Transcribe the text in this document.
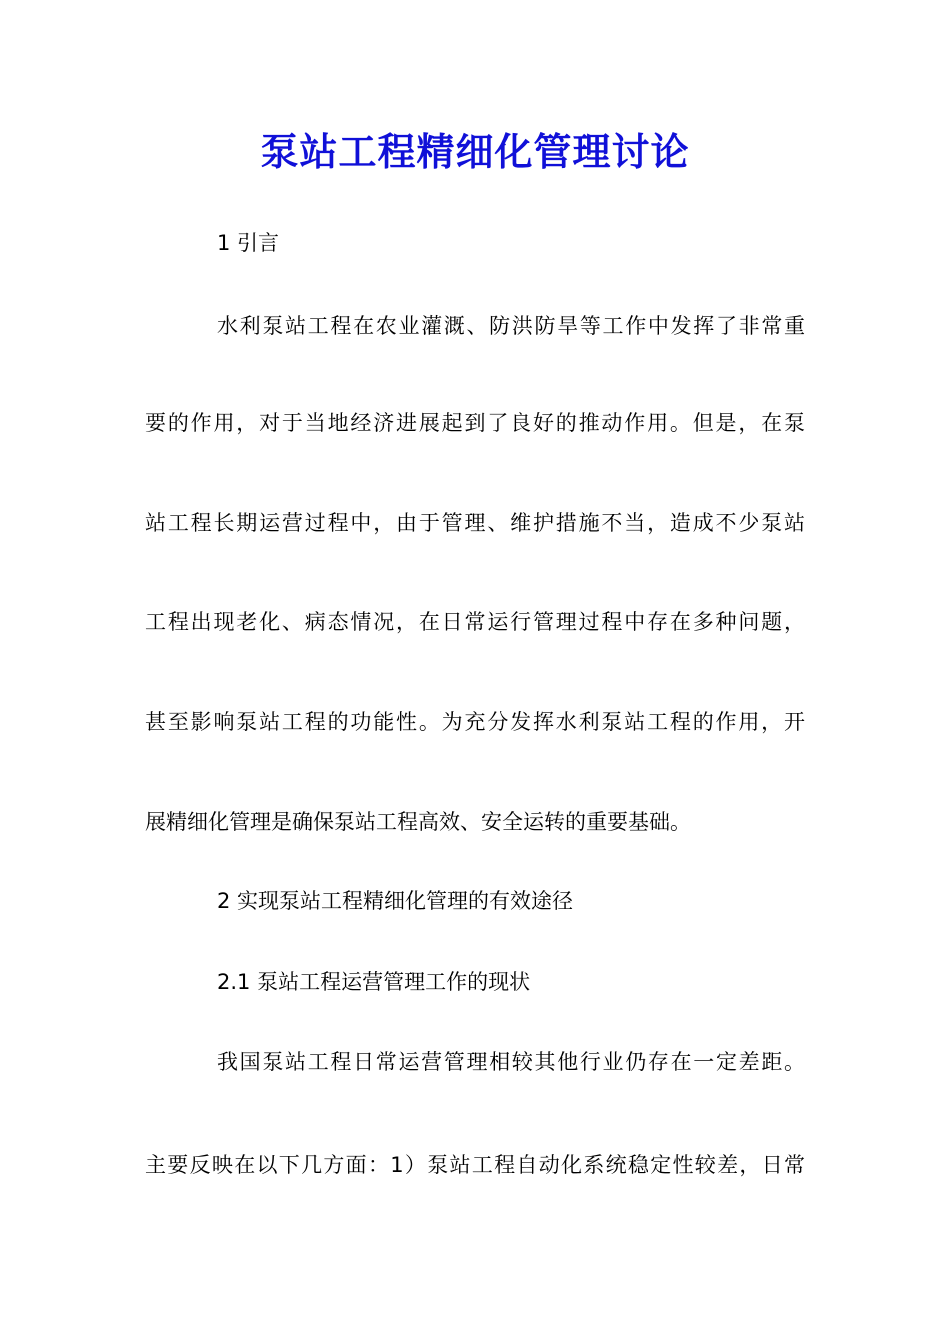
泵站工程精细化管理讨论
1 引言
水利泵站工程在农业灌溉、防洪防旱等工作中发挥了非常重
要的作用，对于当地经济进展起到了良好的推动作用。但是，在泵
站工程长期运营过程中，由于管理、维护措施不当，造成不少泵站
工程出现老化、病态情况，在日常运行管理过程中存在多种问题，
甚至影响泵站工程的功能性。为充分发挥水利泵站工程的作用，开
展精细化管理是确保泵站工程高效、安全运转的重要基础。
2 实现泵站工程精细化管理的有效途径
2.1 泵站工程运营管理工作的现状
我国泵站工程日常运营管理相较其他行业仍存在一定差距。
主要反映在以下几方面：1）泵站工程自动化系统稳定性较差，日常
